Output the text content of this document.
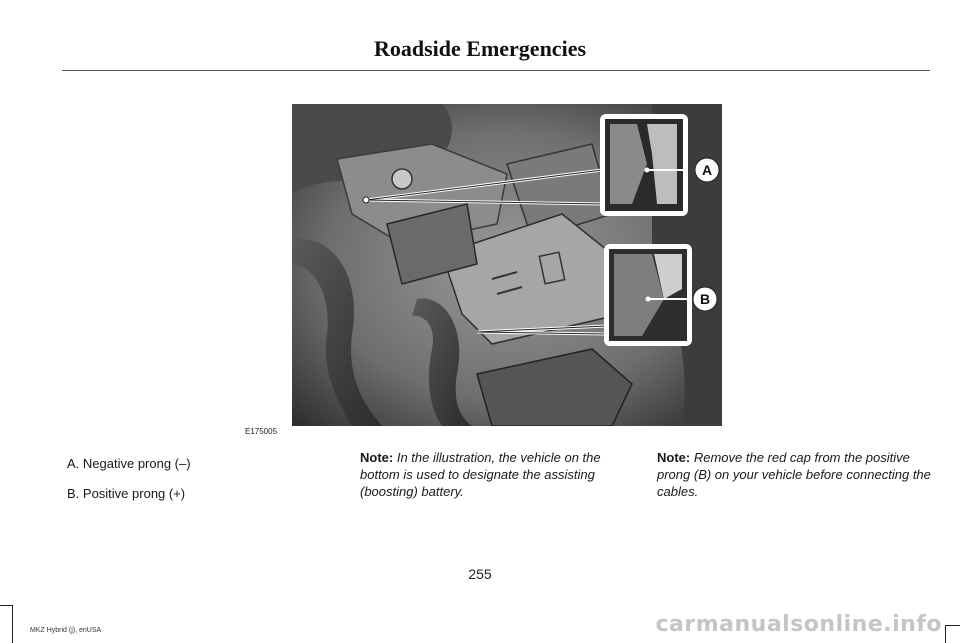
Roadside Emergencies
A
B
E175005
A. Negative prong (–)
B. Positive prong (+)
Note: In the illustration, the vehicle on the bottom is used to designate the assisting (boosting) battery.
Note: Remove the red cap from the positive prong (B) on your vehicle before connecting the cables.
255
MKZ Hybrid (j), enUSA	carmanualsonline.info
